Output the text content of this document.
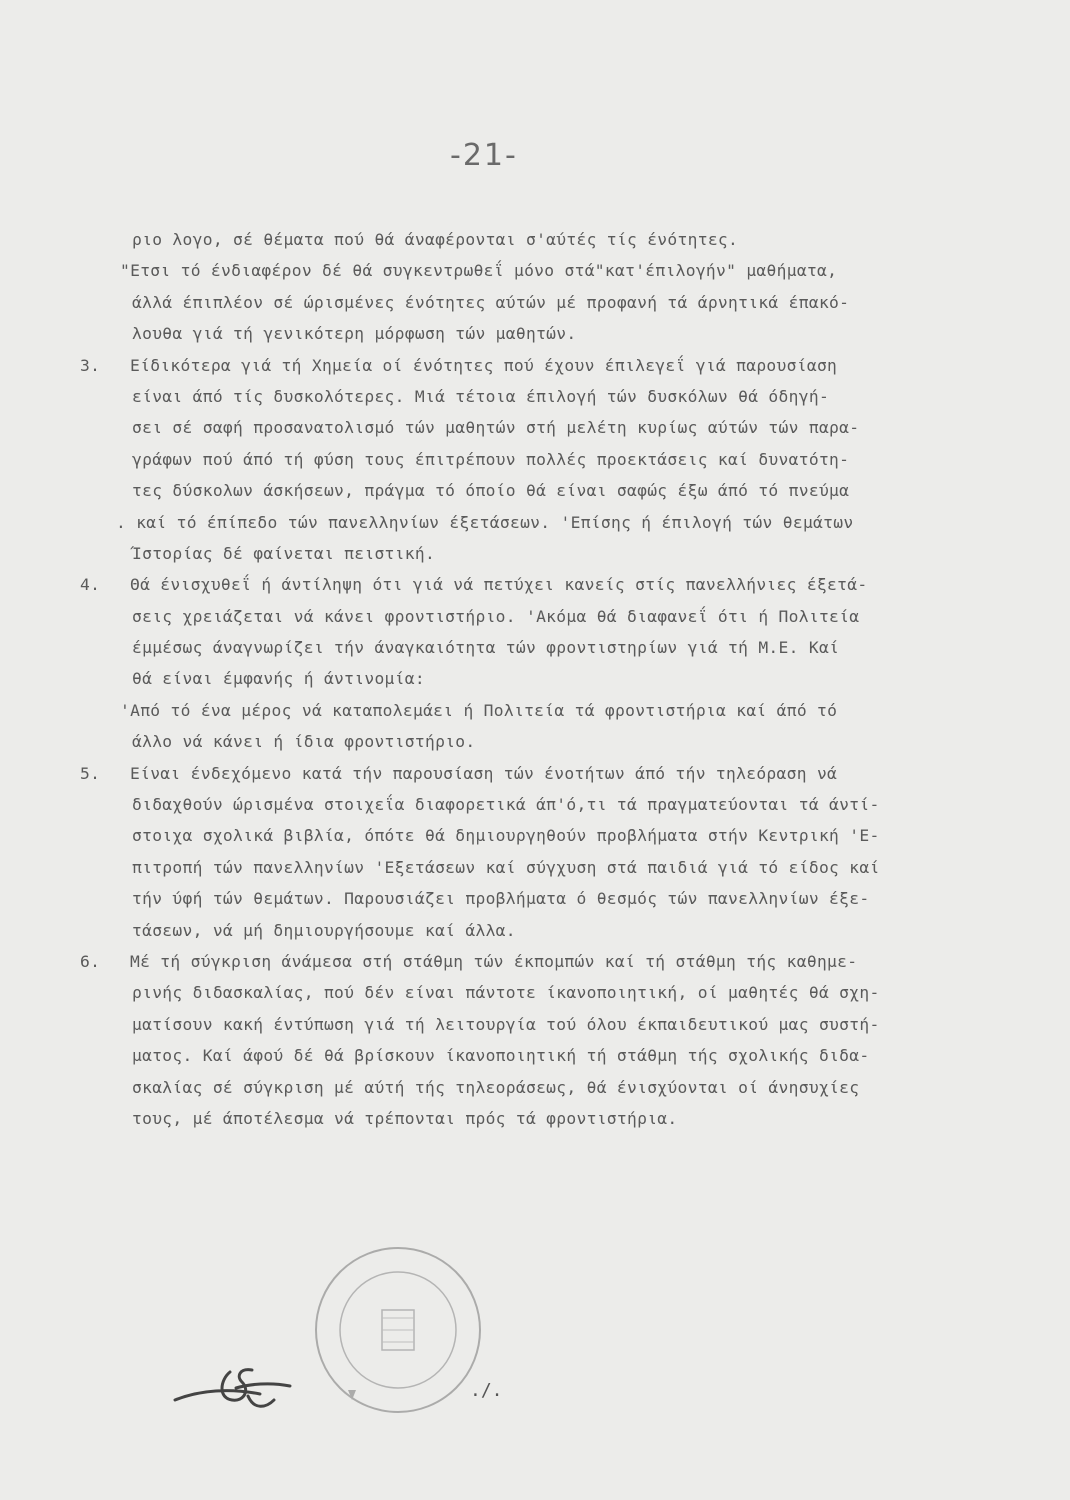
-21-
ριο λογο, σέ θέματα πού θά άναφέρονται σ'αύτές τίς ένότητες.
"Ετσι τό ένδιαφέρον δέ θά συγκεντρωθεΐ μόνο στά"κατ'έπιλογήν" μαθήματα,
άλλά έπιπλέον σέ ώρισμένες ένότητες αύτών μέ προφανή τά άρνητικά έπακό-
λουθα γιά τή γενικότερη μόρφωση τών μαθητών.
3. Είδικότερα γιά τή Χημεία οί ένότητες πού έχουν έπιλεγεΐ γιά παρουσίαση
είναι άπό τίς δυσκολότερες. Μιά τέτοια έπιλογή τών δυσκόλων θά όδηγή-
σει σέ σαφή προσανατολισμό τών μαθητών στή μελέτη κυρίως αύτών τών παρα-
γράφων πού άπό τή φύση τους έπιτρέπουν πολλές προεκτάσεις καί δυνατότη-
τες δύσκολων άσκήσεων, πράγμα τό όποίο θά είναι σαφώς έξω άπό τό πνεύμα
. καί τό έπίπεδο τών πανελληνίων έξετάσεων. 'Επίσης ή έπιλογή τών θεμάτων
Ίστορίας δέ φαίνεται πειστική.
4. Θά ένισχυθεΐ ή άντίληψη ότι γιά νά πετύχει κανείς στίς πανελλήνιες έξετά-
σεις χρειάζεται νά κάνει φροντιστήριο. 'Ακόμα θά διαφανεΐ ότι ή Πολιτεία
έμμέσως άναγνωρίζει τήν άναγκαιότητα τών φροντιστηρίων γιά τή Μ.Ε. Καί
θά είναι έμφανής ή άντινομία:
'Από τό ένα μέρος νά καταπολεμάει ή Πολιτεία τά φροντιστήρια καί άπό τό
άλλο νά κάνει ή ίδια φροντιστήριο.
5. Είναι ένδεχόμενο κατά τήν παρουσίαση τών ένοτήτων άπό τήν τηλεόραση νά
διδαχθούν ώρισμένα στοιχεΐα διαφορετικά άπ'ό,τι τά πραγματεύονται τά άντί-
στοιχα σχολικά βιβλία, όπότε θά δημιουργηθούν προβλήματα στήν Κεντρική 'Ε-
πιτροπή τών πανελληνίων 'Εξετάσεων καί σύγχυση στά παιδιά γιά τό είδος καί
τήν ύφή τών θεμάτων. Παρουσιάζει προβλήματα ό θεσμός τών πανελληνίων έξε-
τάσεων, νά μή δημιουργήσουμε καί άλλα.
6. Μέ τή σύγκριση άνάμεσα στή στάθμη τών έκπομπών καί τή στάθμη τής καθημε-
ρινής διδασκαλίας, πού δέν είναι πάντοτε ίκανοποιητική, οί μαθητές θά σχη-
ματίσουν κακή έντύπωση γιά τή λειτουργία τού όλου έκπαιδευτικού μας συστή-
ματος. Καί άφού δέ θά βρίσκουν ίκανοποιητική τή στάθμη τής σχολικής διδα-
σκαλίας σέ σύγκριση μέ αύτή τής τηλεοράσεως, θά ένισχύονται οί άνησυχίες
τους, μέ άποτέλεσμα νά τρέπονται πρός τά φροντιστήρια.
./.
